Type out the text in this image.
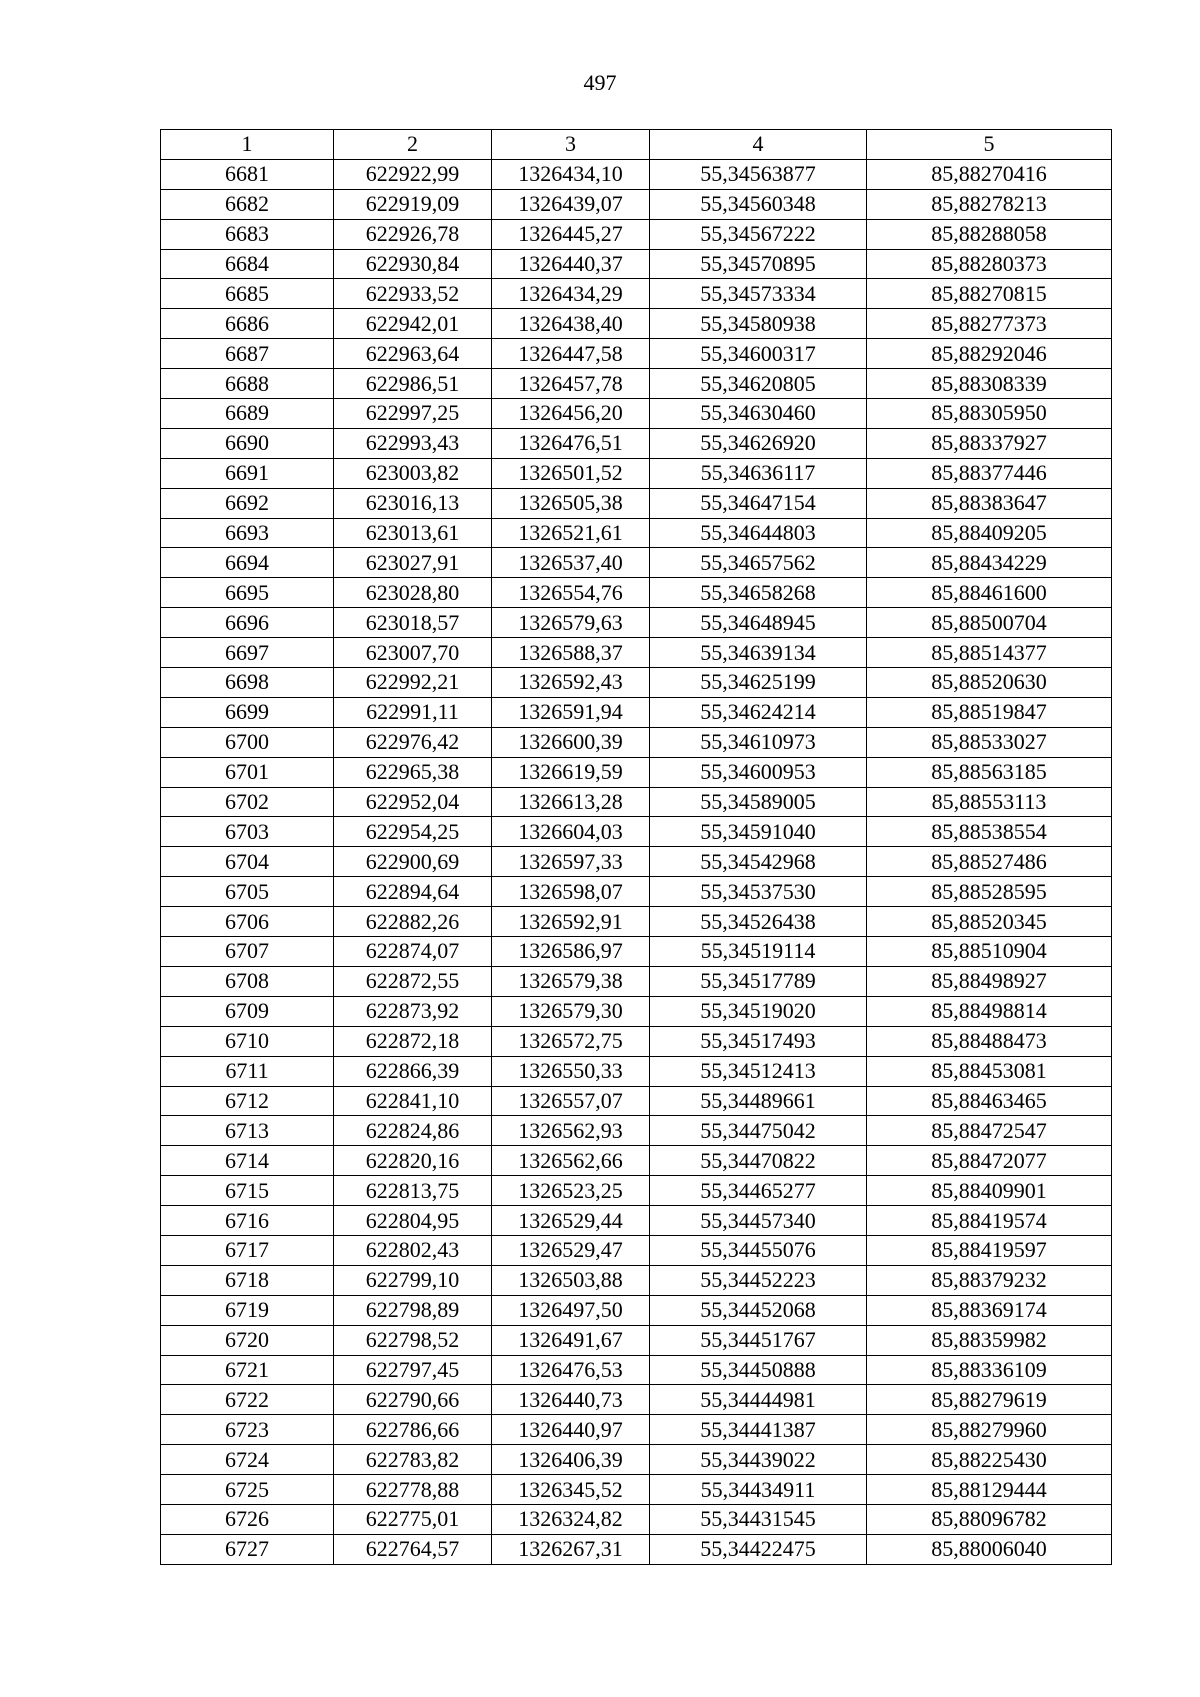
497
1	2	3	4	5
6681	622922,99	1326434,10	55,34563877	85,88270416
6682	622919,09	1326439,07	55,34560348	85,88278213
6683	622926,78	1326445,27	55,34567222	85,88288058
6684	622930,84	1326440,37	55,34570895	85,88280373
6685	622933,52	1326434,29	55,34573334	85,88270815
6686	622942,01	1326438,40	55,34580938	85,88277373
6687	622963,64	1326447,58	55,34600317	85,88292046
6688	622986,51	1326457,78	55,34620805	85,88308339
6689	622997,25	1326456,20	55,34630460	85,88305950
6690	622993,43	1326476,51	55,34626920	85,88337927
6691	623003,82	1326501,52	55,34636117	85,88377446
6692	623016,13	1326505,38	55,34647154	85,88383647
6693	623013,61	1326521,61	55,34644803	85,88409205
6694	623027,91	1326537,40	55,34657562	85,88434229
6695	623028,80	1326554,76	55,34658268	85,88461600
6696	623018,57	1326579,63	55,34648945	85,88500704
6697	623007,70	1326588,37	55,34639134	85,88514377
6698	622992,21	1326592,43	55,34625199	85,88520630
6699	622991,11	1326591,94	55,34624214	85,88519847
6700	622976,42	1326600,39	55,34610973	85,88533027
6701	622965,38	1326619,59	55,34600953	85,88563185
6702	622952,04	1326613,28	55,34589005	85,88553113
6703	622954,25	1326604,03	55,34591040	85,88538554
6704	622900,69	1326597,33	55,34542968	85,88527486
6705	622894,64	1326598,07	55,34537530	85,88528595
6706	622882,26	1326592,91	55,34526438	85,88520345
6707	622874,07	1326586,97	55,34519114	85,88510904
6708	622872,55	1326579,38	55,34517789	85,88498927
6709	622873,92	1326579,30	55,34519020	85,88498814
6710	622872,18	1326572,75	55,34517493	85,88488473
6711	622866,39	1326550,33	55,34512413	85,88453081
6712	622841,10	1326557,07	55,34489661	85,88463465
6713	622824,86	1326562,93	55,34475042	85,88472547
6714	622820,16	1326562,66	55,34470822	85,88472077
6715	622813,75	1326523,25	55,34465277	85,88409901
6716	622804,95	1326529,44	55,34457340	85,88419574
6717	622802,43	1326529,47	55,34455076	85,88419597
6718	622799,10	1326503,88	55,34452223	85,88379232
6719	622798,89	1326497,50	55,34452068	85,88369174
6720	622798,52	1326491,67	55,34451767	85,88359982
6721	622797,45	1326476,53	55,34450888	85,88336109
6722	622790,66	1326440,73	55,34444981	85,88279619
6723	622786,66	1326440,97	55,34441387	85,88279960
6724	622783,82	1326406,39	55,34439022	85,88225430
6725	622778,88	1326345,52	55,34434911	85,88129444
6726	622775,01	1326324,82	55,34431545	85,88096782
6727	622764,57	1326267,31	55,34422475	85,88006040
